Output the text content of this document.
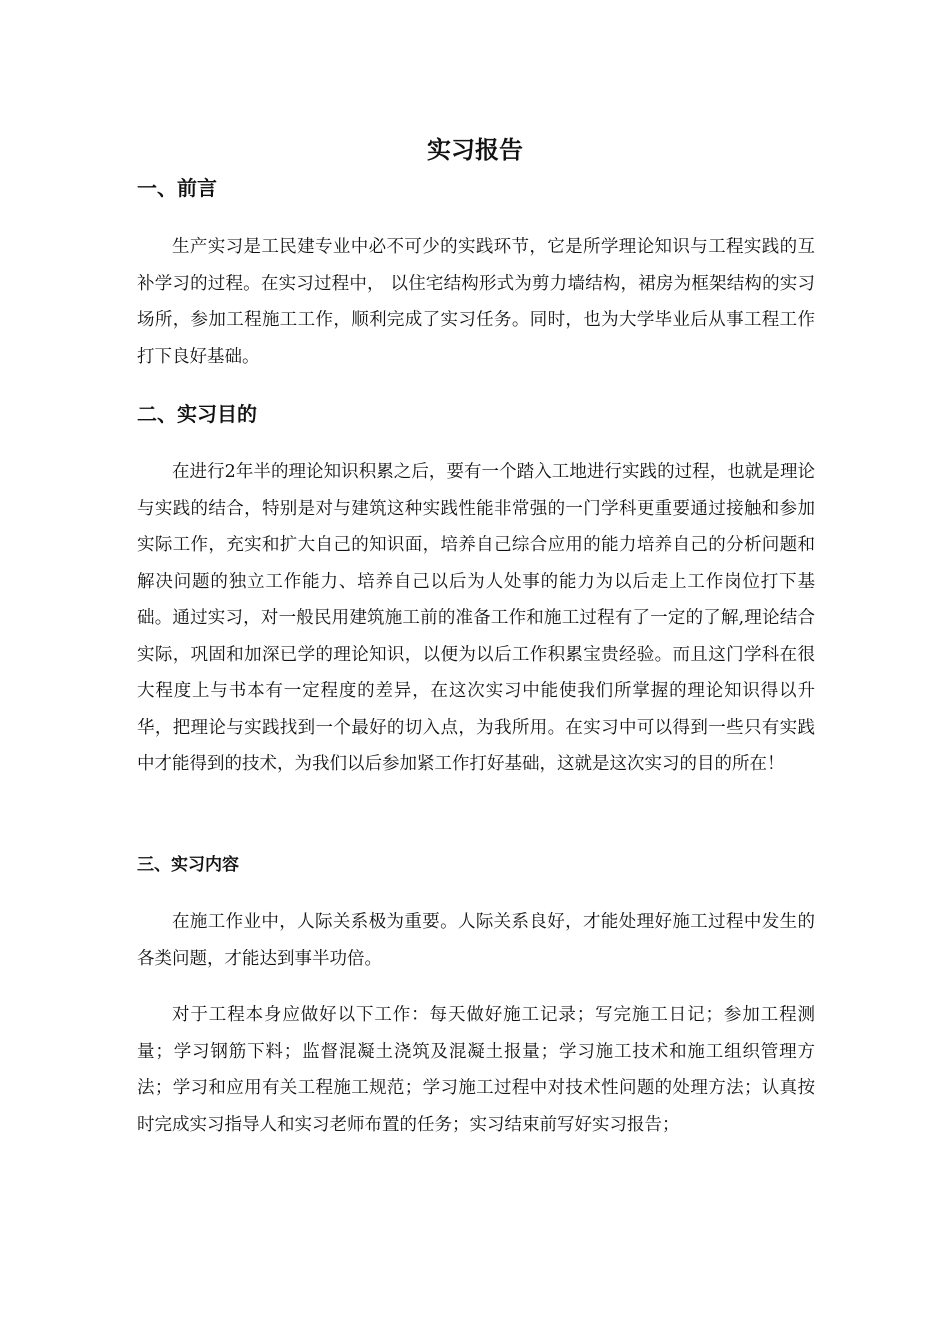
实习报告
一、前言

生产实习是工民建专业中必不可少的实践环节，它是所学理论知识与工程实践的互补学习的过程。在实习过程中， 以住宅结构形式为剪力墙结构，裙房为框架结构的实习场所，参加工程施工工作，顺利完成了实习任务。同时，也为大学毕业后从事工程工作打下良好基础。

二、实习目的

在进行2年半的理论知识积累之后，要有一个踏入工地进行实践的过程，也就是理论与实践的结合，特别是对与建筑这种实践性能非常强的一门学科更重要通过接触和参加实际工作，充实和扩大自己的知识面，培养自己综合应用的能力培养自己的分析问题和解决问题的独立工作能力、培养自己以后为人处事的能力为以后走上工作岗位打下基础。通过实习，对一般民用建筑施工前的准备工作和施工过程有了一定的了解,理论结合实际，巩固和加深已学的理论知识，以便为以后工作积累宝贵经验。而且这门学科在很大程度上与书本有一定程度的差异，在这次实习中能使我们所掌握的理论知识得以升华，把理论与实践找到一个最好的切入点，为我所用。在实习中可以得到一些只有实践中才能得到的技术，为我们以后参加紧工作打好基础，这就是这次实习的目的所在！

三、实习内容

在施工作业中，人际关系极为重要。人际关系良好，才能处理好施工过程中发生的各类问题，才能达到事半功倍。

对于工程本身应做好以下工作：每天做好施工记录；写完施工日记；参加工程测量；学习钢筋下料；监督混凝土浇筑及混凝土报量；学习施工技术和施工组织管理方法；学习和应用有关工程施工规范；学习施工过程中对技术性问题的处理方法；认真按时完成实习指导人和实习老师布置的任务；实习结束前写好实习报告；
